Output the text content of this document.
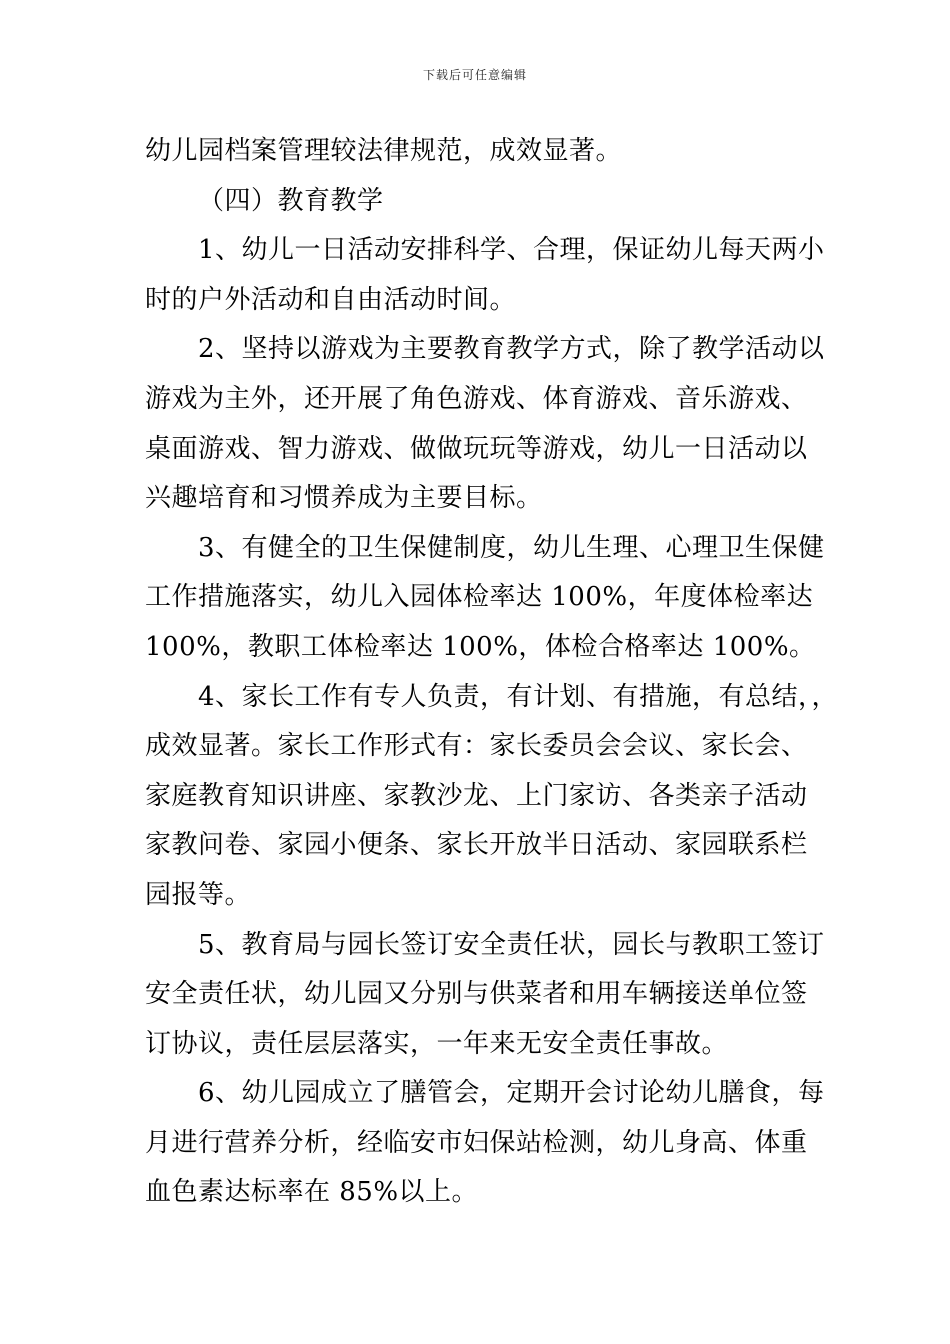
下载后可任意编辑
幼儿园档案管理较法律规范，成效显著。
（四）教育教学
1、幼儿一日活动安排科学、合理，保证幼儿每天两小
时的户外活动和自由活动时间。
2、坚持以游戏为主要教育教学方式，除了教学活动以
游戏为主外，还开展了角色游戏、体育游戏、音乐游戏、
桌面游戏、智力游戏、做做玩玩等游戏，幼儿一日活动以
兴趣培育和习惯养成为主要目标。
3、有健全的卫生保健制度，幼儿生理、心理卫生保健
工作措施落实，幼儿入园体检率达 100%，年度体检率达
100%，教职工体检率达 100%，体检合格率达 100%。
4、家长工作有专人负责，有计划、有措施，有总结，，
成效显著。家长工作形式有：家长委员会会议、家长会、
家庭教育知识讲座、家教沙龙、上门家访、各类亲子活动
家教问卷、家园小便条、家长开放半日活动、家园联系栏
园报等。
5、教育局与园长签订安全责任状，园长与教职工签订
安全责任状，幼儿园又分别与供菜者和用车辆接送单位签
订协议，责任层层落实，一年来无安全责任事故。
6、幼儿园成立了膳管会，定期开会讨论幼儿膳食，每
月进行营养分析，经临安市妇保站检测，幼儿身高、体重
血色素达标率在 85%以上。
